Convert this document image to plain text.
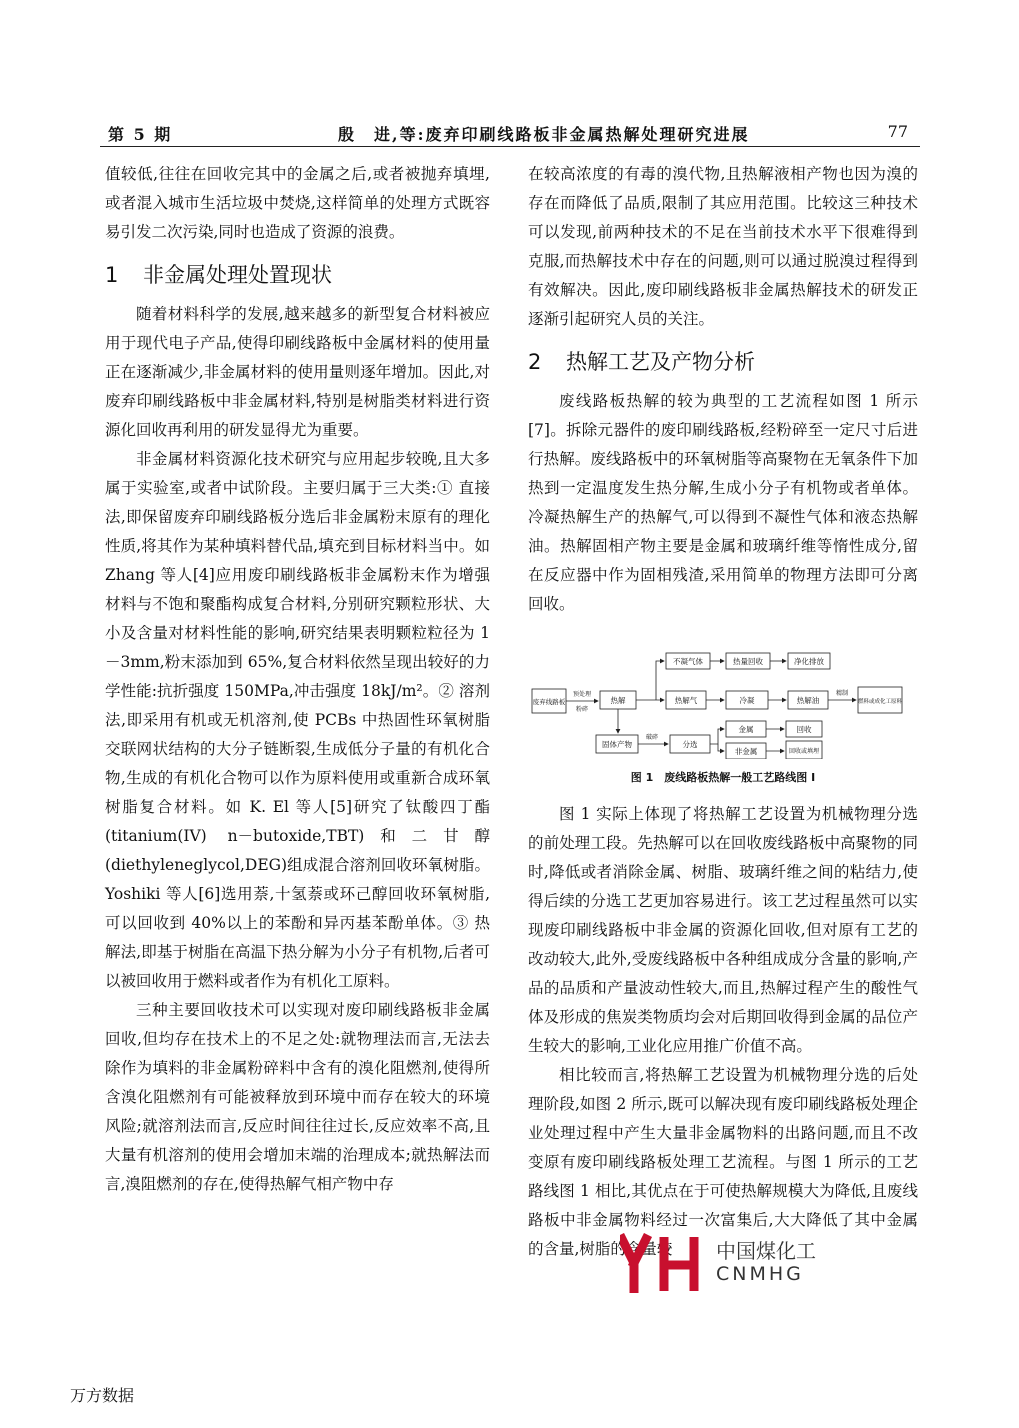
第 5 期	殷　进,等:废弃印刷线路板非金属热解处理研究进展	77

值较低,往往在回收完其中的金属之后,或者被抛弃填埋,或者混入城市生活垃圾中焚烧,这样简单的处理方式既容易引发二次污染,同时也造成了资源的浪费。

1 非金属处理处置现状

随着材料科学的发展,越来越多的新型复合材料被应用于现代电子产品,使得印刷线路板中金属材料的使用量正在逐渐减少,非金属材料的使用量则逐年增加。因此,对废弃印刷线路板中非金属材料,特别是树脂类材料进行资源化回收再利用的研发显得尤为重要。

非金属材料资源化技术研究与应用起步较晚,且大多属于实验室,或者中试阶段。主要归属于三大类:① 直接法,即保留废弃印刷线路板分选后非金属粉末原有的理化性质,将其作为某种填料替代品,填充到目标材料当中。如 Zhang 等人[4]应用废印刷线路板非金属粉末作为增强材料与不饱和聚酯构成复合材料,分别研究颗粒形状、大小及含量对材料性能的影响,研究结果表明颗粒粒径为 1－3mm,粉末添加到 65%,复合材料依然呈现出较好的力学性能:抗折强度 150MPa,冲击强度 18kJ/m²。② 溶剂法,即采用有机或无机溶剂,使 PCBs 中热固性环氧树脂交联网状结构的大分子链断裂,生成低分子量的有机化合物,生成的有机化合物可以作为原料使用或重新合成环氧树脂复合材料。如 K. El 等人[5]研究了钛酸四丁酯(titanium(IV) n－butoxide,TBT)和二甘醇(diethyleneglycol,DEG)组成混合溶剂回收环氧树脂。Yoshiki 等人[6]选用萘,十氢萘或环己醇回收环氧树脂,可以回收到 40%以上的苯酚和异丙基苯酚单体。③ 热解法,即基于树脂在高温下热分解为小分子有机物,后者可以被回收用于燃料或者作为有机化工原料。

三种主要回收技术可以实现对废印刷线路板非金属回收,但均存在技术上的不足之处:就物理法而言,无法去除作为填料的非金属粉碎料中含有的溴化阻燃剂,使得所含溴化阻燃剂有可能被释放到环境中而存在较大的环境风险;就溶剂法而言,反应时间往往过长,反应效率不高,且大量有机溶剂的使用会增加末端的治理成本;就热解法而言,溴阻燃剂的存在,使得热解气相产物中存

在较高浓度的有毒的溴代物,且热解液相产物也因为溴的存在而降低了品质,限制了其应用范围。比较这三种技术可以发现,前两种技术的不足在当前技术水平下很难得到克服,而热解技术中存在的问题,则可以通过脱溴过程得到有效解决。因此,废印刷线路板非金属热解技术的研发正逐渐引起研究人员的关注。

2 热解工艺及产物分析

废线路板热解的较为典型的工艺流程如图 1 所示[7]。拆除元器件的废印刷线路板,经粉碎至一定尺寸后进行热解。废线路板中的环氧树脂等高聚物在无氧条件下加热到一定温度发生热分解,生成小分子有机物或者单体。冷凝热解生产的热解气,可以得到不凝性气体和液态热解油。热解固相产物主要是金属和玻璃纤维等惰性成分,留在反应器中作为固相残渣,采用简单的物理方法即可分离回收。

废弃线路板	热解	热解气	冷凝	热解油	燃料或成化工原料
不凝气体	热量回收	净化排放
固体产物	分选
金属	回收
非金属	回收或填埋
预处理
粉碎
破碎
精制
图 1　废线路板热解一般工艺路线图 I

图 1 实际上体现了将热解工艺设置为机械物理分选的前处理工段。先热解可以在回收废线路板中高聚物的同时,降低或者消除金属、树脂、玻璃纤维之间的粘结力,使得后续的分选工艺更加容易进行。该工艺过程虽然可以实现废印刷线路板中非金属的资源化回收,但对原有工艺的改动较大,此外,受废线路板中各种组成成分含量的影响,产品的品质和产量波动性较大,而且,热解过程产生的酸性气体及形成的焦炭类物质均会对后期回收得到金属的品位产生较大的影响,工业化应用推广价值不高。

相比较而言,将热解工艺设置为机械物理分选的后处理阶段,如图 2 所示,既可以解决现有废印刷线路板处理企业处理过程中产生大量非金属物料的出路问题,而且不改变原有废印刷线路板处理工艺流程。与图 1 所示的工艺路线图 1 相比,其优点在于可使热解规模大为降低,且废线路板中非金属物料经过一次富集后,大大降低了其中金属的含量,树脂的含量较	中国煤化工
CNMHG
万方数据
